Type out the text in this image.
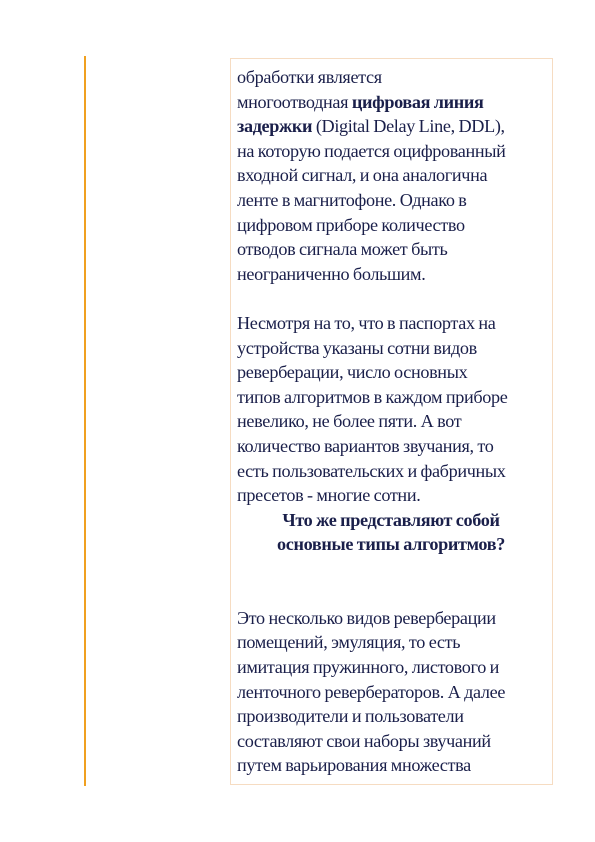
обработки является
многоотводная цифровая линия
задержки (Digital Delay Line, DDL),
на которую подается оцифрованный
входной сигнал, и она аналогична
ленте в магнитофоне. Однако в
цифровом приборе количество
отводов сигнала может быть
неограниченно большим.
Несмотря на то, что в паспортах на
устройства указаны сотни видов
реверберации, число основных
типов алгоритмов в каждом приборе
невелико, не более пяти. А вот
количество вариантов звучания, то
есть пользовательских и фабричных
пресетов - многие сотни.
Что же представляют собой
основные типы алгоритмов?
Это несколько видов реверберации
помещений, эмуляция, то есть
имитация пружинного, листового и
ленточного ревербераторов. А далее
производители и пользователи
составляют свои наборы звучаний
путем варьирования множества
